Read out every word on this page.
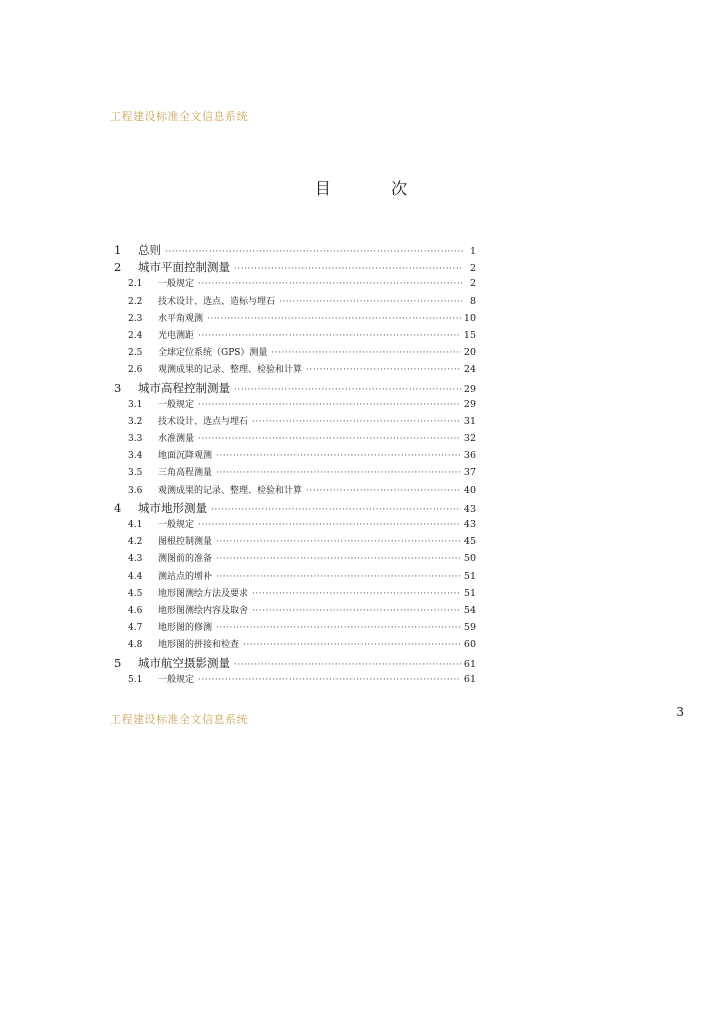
工程建设标准全文信息系统
目	次
1	总则 ·····	1
2	城市平面控制测量 ·····	2
2.1	一般规定 ·····	2
2.2	技术设计、选点、造标与埋石 ·····	8
2.3	水平角观测 ·····	10
2.4	光电测距 ·····	15
2.5	全球定位系统（GPS）测量 ·····	20
2.6	观测成果的记录、整理、检验和计算 ·····	24
3	城市高程控制测量 ·····	29
3.1	一般规定 ·····	29
3.2	技术设计、选点与埋石 ·····	31
3.3	水准测量 ·····	32
3.4	地面沉降观测 ·····	36
3.5	三角高程测量 ·····	37
3.6	观测成果的记录、整理、检验和计算 ·····	40
4	城市地形测量 ·····	43
4.1	一般规定 ·····	43
4.2	图根控制测量 ·····	45
4.3	测图前的准备 ·····	50
4.4	测站点的增补 ·····	51
4.5	地形图测绘方法及要求 ·····	51
4.6	地形图测绘内容及取舍 ·····	54
4.7	地形图的修测 ·····	59
4.8	地形图的拼接和检查 ·····	60
5	城市航空摄影测量 ·····	61
5.1	一般规定 ·····	61
工程建设标准全文信息系统
3
